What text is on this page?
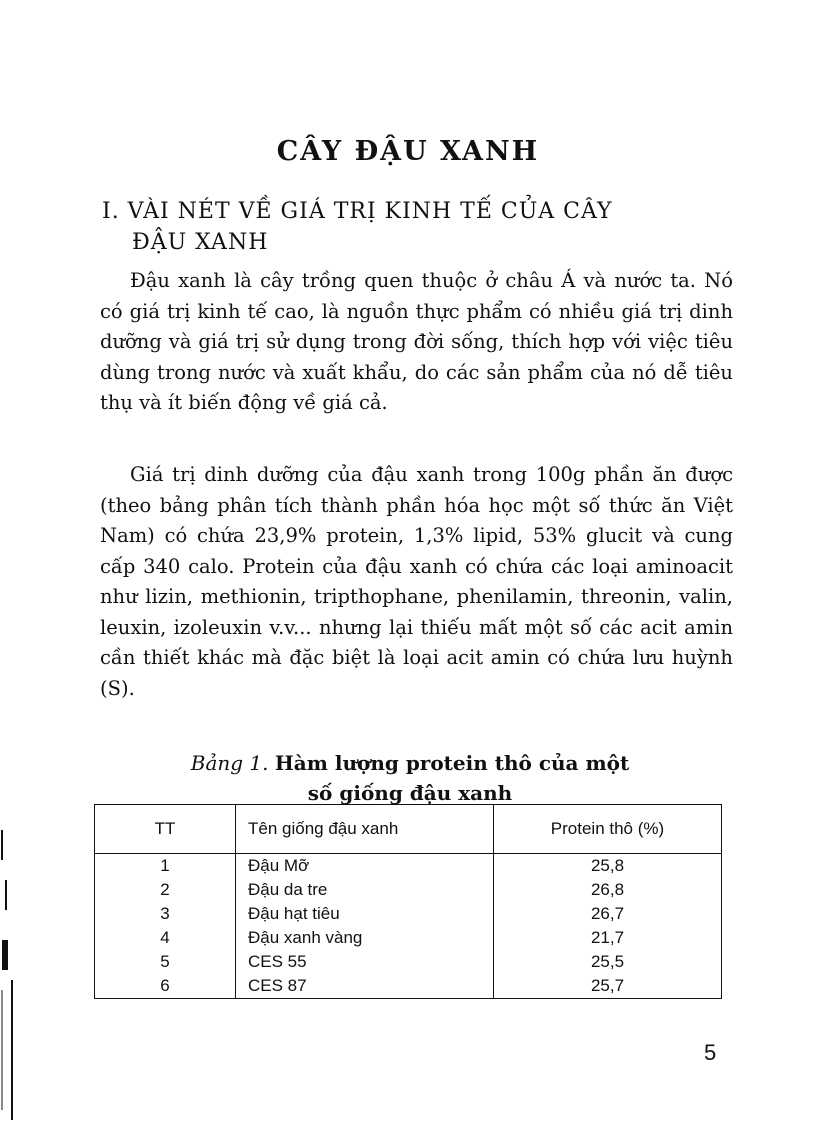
CÂY ĐẬU XANH
I. VÀI NÉT VỀ GIÁ TRỊ KINH TẾ CỦA CÂY
ĐẬU XANH

Đậu xanh là cây trồng quen thuộc ở châu Á và nước ta. Nó có giá trị kinh tế cao, là nguồn thực phẩm có nhiều giá trị dinh dưỡng và giá trị sử dụng trong đời sống, thích hợp với việc tiêu dùng trong nước và xuất khẩu, do các sản phẩm của nó dễ tiêu thụ và ít biến động về giá cả.

Giá trị dinh dưỡng của đậu xanh trong 100g phần ăn được (theo bảng phân tích thành phần hóa học một số thức ăn Việt Nam) có chứa 23,9% protein, 1,3% lipid, 53% glucit và cung cấp 340 calo. Protein của đậu xanh có chứa các loại aminoacit như lizin, methionin, tripthophane, phenilamin, threonin, valin, leuxin, izoleuxin v.v... nhưng lại thiếu mất một số các acit amin cần thiết khác mà đặc biệt là loại acit amin có chứa lưu huỳnh (S).

Bảng 1. Hàm lượng protein thô của một
số giống đậu xanh
TT	Tên giống đậu xanh	Protein thô (%)
1	Đậu Mỡ	25,8
2	Đậu da tre	26,8
3	Đậu hạt tiêu	26,7
4	Đậu xanh vàng	21,7
5	CES 55	25,5
6	CES 87	25,7
5
